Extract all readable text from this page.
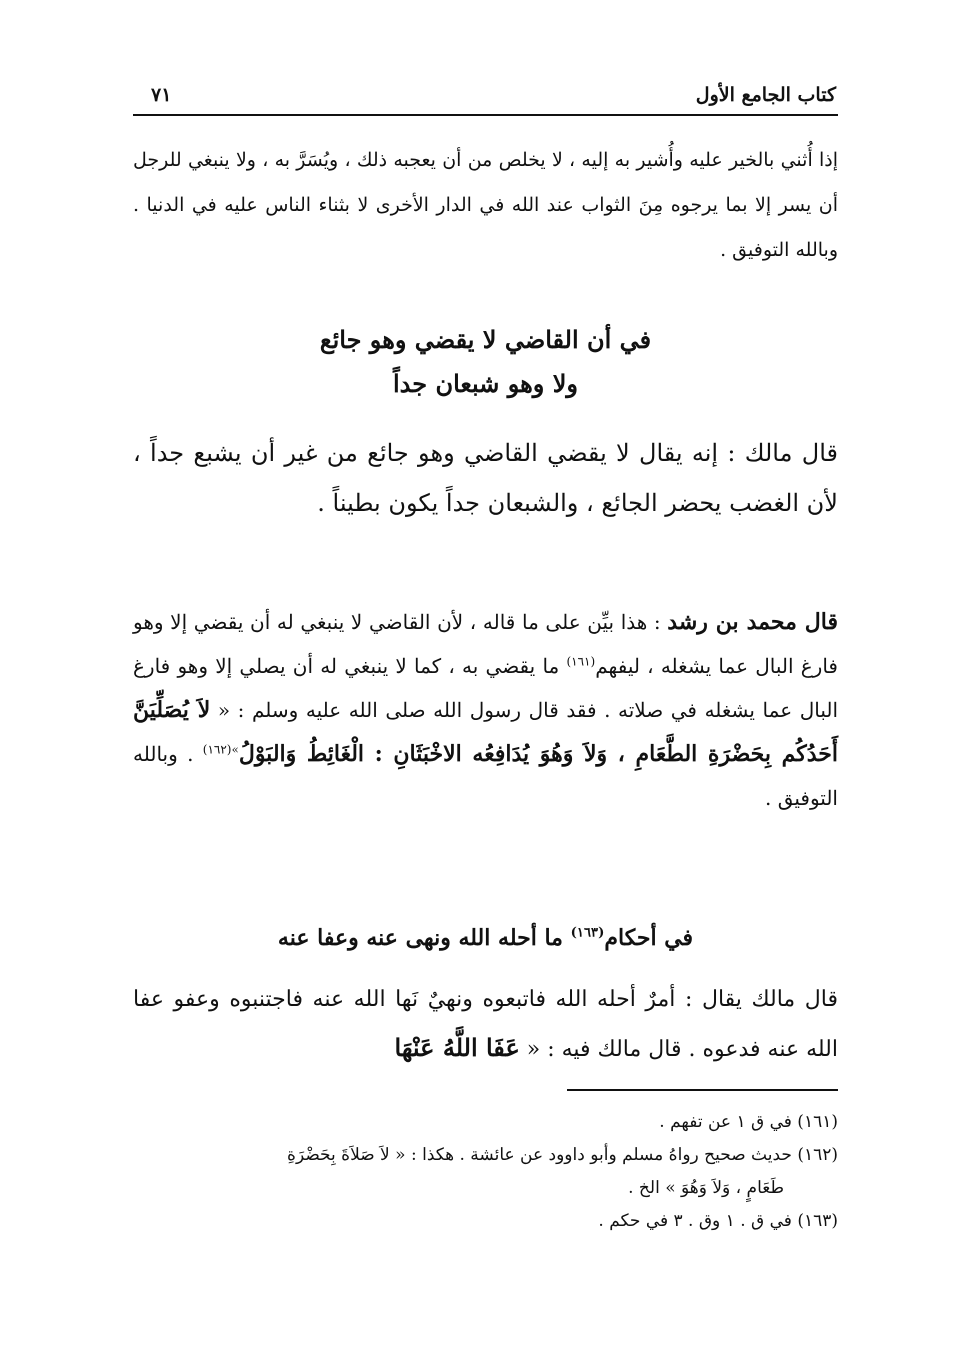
كتاب الجامع الأول
٧١

إذا أُثني بالخير عليه وأُشير به إليه ، لا يخلص من أن يعجبه ذلك ، ويُسَرَّ به ، ولا ينبغي للرجل أن يسر إلا بما يرجوه مِنَ الثواب عند الله في الدار الأخرى لا بثناء الناس عليه في الدنيا . وبالله التوفيق .

في أن القاضي لا يقضي وهو جائع
ولا وهو شبعان جداً

قال مالك : إنه يقال لا يقضي القاضي وهو جائع من غير أن يشبع جداً ، لأن الغضب يحضر الجائع ، والشبعان جداً يكون بطيناً .

قال محمد بن رشد : هذا بيِّن على ما قاله ، لأن القاضي لا ينبغي له أن يقضي إلا وهو فارغ البال عما يشغله ، ليفهم$^{(١٦١)}$ ما يقضي به ، كما لا ينبغي له أن يصلي إلا وهو فارغ البال عما يشغله في صلاته . فقد قال رسول الله صلى الله عليه وسلم : « لاَ يُصَلِّيَنَّ أَحَدُكُم بِحَضْرَةِ الطَّعَامِ ، وَلاَ وَهُوَ يُدَافِعُه الاخْبَثَانِ : الْغَائِطُ وَالبَوْلُ$^{»(١٦٢)}$ . وبالله التوفيق .

في أحكام$^{(١٦٣)}$ ما أحله الله ونهى عنه وعفا عنه

قال مالك يقال : أمرٌ أحله الله فاتبعوه ونهيٌ نَها الله عنه فاجتنبوه وعفو عفا الله عنه فدعوه . قال مالك فيه : « عَفَا اللَّهُ عَنْهَا

(١٦١) في ق ١ عن تفهم .

(١٦٢) حديث صحيح رواهُ مسلم وأبو داوود عن عائشة . هكذا : « لاَ صَلاَةَ بِحَضْرَةِ
طَعَامٍ ، وَلاَ وَهُوَ » الخ .

(١٦٣) في ق . ١ وق . ٣ في حكم .
